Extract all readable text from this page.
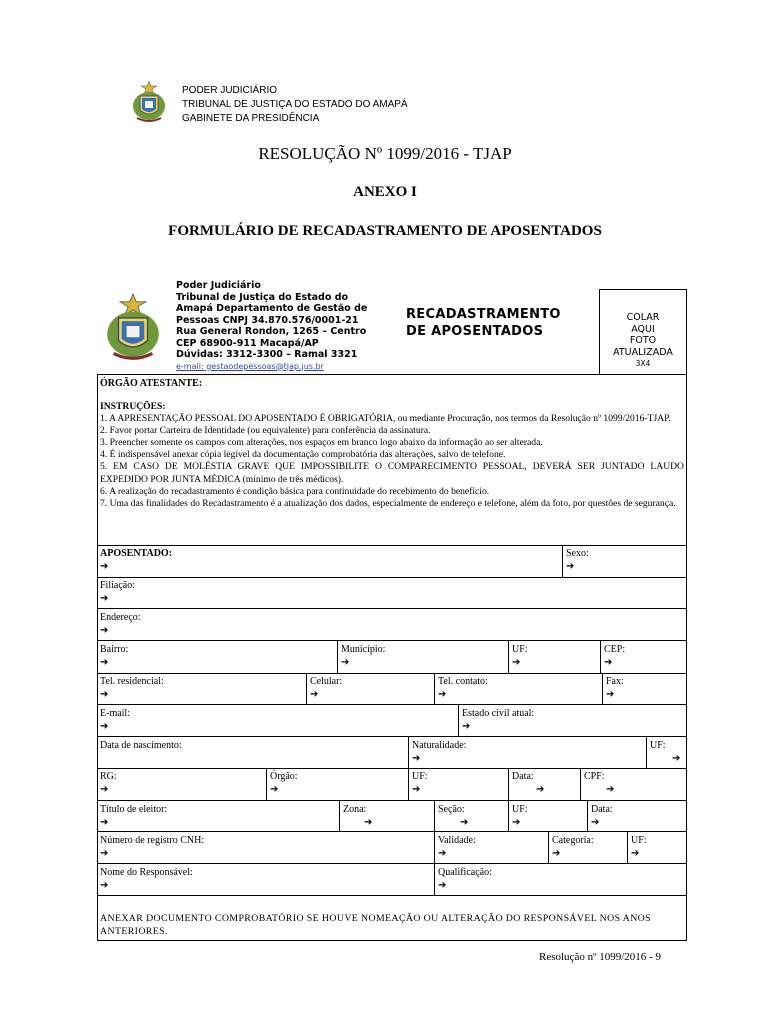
PODER JUDICIÁRIO
TRIBUNAL DE JUSTIÇA DO ESTADO DO AMAPÁ
GABINETE DA PRESIDÊNCIA
RESOLUÇÃO Nº 1099/2016 - TJAP
ANEXO I
FORMULÁRIO DE RECADASTRAMENTO DE APOSENTADOS
Poder Judiciário
Tribunal de Justiça do Estado do
Amapá Departamento de Gestão de
Pessoas CNPJ 34.870.576/0001-21
Rua General Rondon, 1265 – Centro
CEP 68900-911 Macapá/AP
Dúvidas: 3312-3300 – Ramal 3321
e-mail: gestaodepessoas@tjap.jus.br
RECADASTRAMENTO
DE APOSENTADOS
COLAR
AQUI
FOTO
ATUALIZADA
3X4
ÓRGÃO ATESTANTE:

INSTRUÇÕES:

1. A APRESENTAÇÃO PESSOAL DO APOSENTADO É OBRIGATÓRIA, ou mediante Procuração, nos termos da Resolução nº 1099/2016-TJAP.

2. Favor portar Carteira de Identidade (ou equivalente) para conferência da assinatura.

3. Preencher somente os campos com alterações, nos espaços em branco logo abaixo da informação ao ser alterada.

4. É indispensável anexar cópia legível da documentação comprobatória das alterações, salvo de telefone.

5. EM CASO DE MOLÉSTIA GRAVE QUE IMPOSSIBILITE O COMPARECIMENTO PESSOAL, DEVERÁ SER JUNTADO LAUDO EXPEDIDO POR JUNTA MÉDICA (mínimo de três médicos).

6. A realização do recadastramento é condição básica para continuidade do recebimento do benefício.

7. Uma das finalidades do Recadastramento é a atualização dos dados, especialmente de endereço e telefone, além da foto, por questões de segurança.

APOSENTADO:
➔
Sexo:
➔
Filiação:
➔
Endereço:
➔
Bairro:
➔
Município:
➔
UF:
➔
CEP:
➔
Tel. residencial:
➔
Celular:
➔
Tel. contato:
➔
Fax:
➔
E-mail:
➔
Estado civil atual:
➔
Data de nascimento:	Naturalidade:
➔
UF:
➔
RG:
➔
Órgão:
➔
UF:
➔
Data:
➔
CPF:
➔
Título de eleitor:
➔
Zona:
➔
Seção:
➔
UF:
➔
Data:
➔
Número de registro CNH:
➔
Validade:
➔
Categoria:
➔
UF:
➔
Nome do Responsável:
➔
Qualificação:
➔
ANEXAR DOCUMENTO COMPROBATÓRIO SE HOUVE NOMEAÇÃO OU ALTERAÇÃO DO RESPONSÁVEL NOS ANOS ANTERIORES.
Resolução nº 1099/2016 - 9
